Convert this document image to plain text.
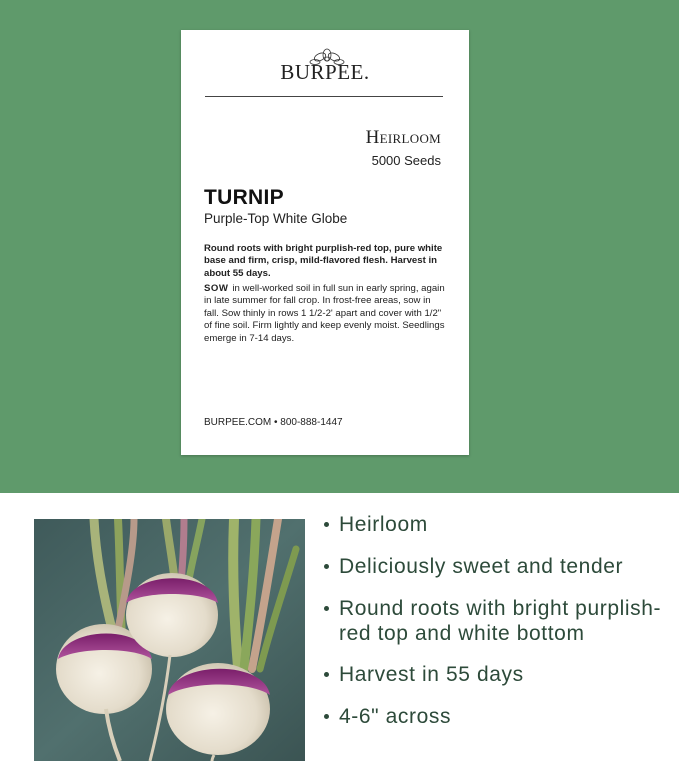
BURPEE.
Heirloom
5000 Seeds
TURNIP
Purple-Top White Globe
Round roots with bright purplish-red top, pure white base and firm, crisp, mild-flavored flesh. Harvest in about 55 days.
SOW in well-worked soil in full sun in early spring, again in late summer for fall crop. In frost-free areas, sow in fall. Sow thinly in rows 1 1/2-2' apart and cover with 1/2" of fine soil. Firm lightly and keep evenly moist. Seedlings emerge in 7-14 days.
BURPEE.COM • 800-888-1447
Heirloom
Deliciously sweet and tender
Round roots with bright purplish-red top and white bottom
Harvest in 55 days
4-6" across
